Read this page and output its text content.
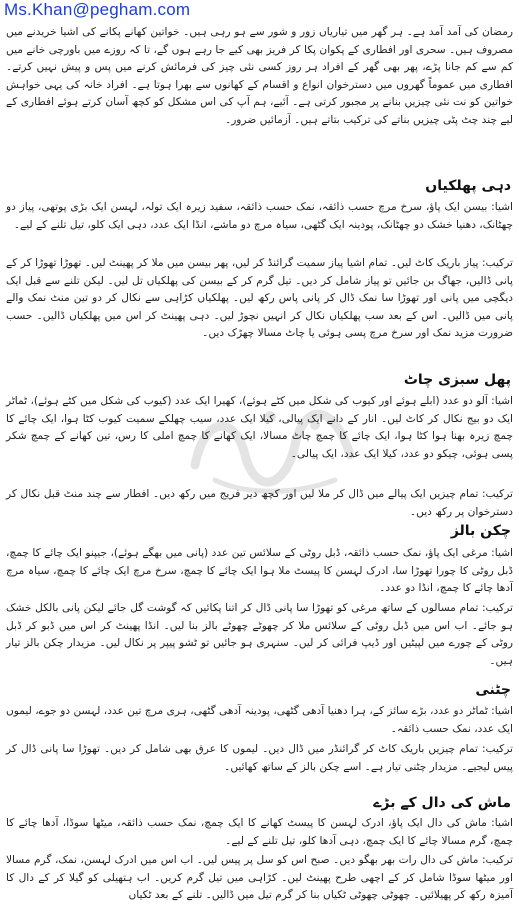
Ms.Khan@pegham.com

رمضان کی آمد آمد ہے۔ ہر گھر میں تیاریاں زور و شور سے ہو رہی ہیں۔ خواتین کھانے پکانے کی اشیا خریدنے میں مصروف ہیں۔ سحری اور افطاری کے پکوان پکا کر فریز بھی کیے جا رہے ہوں گے، تا کہ روزے میں باورچی خانے میں کم سے کم جانا پڑے، پھر بھی گھر کے افراد ہر روز کسی نئی چیز کی فرمائش کرنے میں پس و پیش نہیں کرتے۔ افطاری میں عموماً گھروں میں دسترخوان انواع و اقسام کے کھانوں سے بھرا ہوتا ہے۔ افراد خانہ کی یہی خواہش خواتین کو نت نئی چیزیں بنانے پر مجبور کرتی ہے۔ آئیے، ہم آپ کی اس مشکل کو کچھ آسان کرتے ہوئے افطاری کے لیے چند چٹ پٹی چیزیں بناتے کی ترکیب بتاتے ہیں۔ آزمائیں ضرور۔

دہی پھلکیاں

اشیا: بیسن ایک پاؤ، سرخ مرچ حسب ذائقہ، نمک حسب ذائقہ، سفید زیرہ ایک تولہ، لہسن ایک بڑی پوتھی، پیاز دو چھٹانک، دھنیا خشک دو چھٹانک، پودینہ ایک گٹھی، سیاہ مرچ دو ماشے، انڈا ایک عدد، دہی ایک کلو، تیل تلنے کے لیے۔

ترکیب: پیاز باریک کاٹ لیں۔ تمام اشیا پیاز سمیت گرائنڈ کر لیں، پھر بیسن میں ملا کر پھینٹ لیں۔ تھوڑا تھوڑا کر کے پانی ڈالیں، جھاگ بن جائیں تو پیاز شامل کر دیں۔ تیل گرم کر کے بیسن کی پھلکیاں تل لیں۔ لیکن تلنے سے قبل ایک دیگچی میں پانی اور تھوڑا سا نمک ڈال کر پانی پاس رکھ لیں۔ پھلکیاں کڑاہی سے نکال کر دو تین منٹ نمک والے پانی میں ڈالیں۔ اس کے بعد سب پھلکیاں نکال کر انہیں نچوڑ لیں۔ دہی پھینٹ کر اس میں پھلکیاں ڈالیں۔ حسب ضرورت مزید نمک اور سرخ مرچ پسی ہوئی یا چاٹ مسالا چھڑک دیں۔

پھل سبزی چاٹ

اشیا: آلو دو عدد (ابلے ہوئے اور کیوب کی شکل میں کٹے ہوئے)، کھیرا ایک عدد (کیوب کی شکل میں کٹے ہوئے)، ٹماٹر ایک دو بیج نکال کر کاٹ لیں۔ انار کے دانے ایک پیالی، کیلا ایک عدد، سیب چھلکے سمیت کیوب کٹا ہوا، ایک چائے کا چمچ زیرہ بھنا ہوا کٹا ہوا، ایک چائے کا چمچ چاٹ مسالا، ایک کھانے کا چمچ املی کا رس، تین کھانے کے چمچ شکر پسی ہوئی، چیکو دو عدد، کیلا ایک عدد، ایک پیالی۔

ترکیب: تمام چیزیں ایک پیالے میں ڈال کر ملا لیں اور کچھ دیر فریج میں رکھ دیں۔ افطار سے چند منٹ قبل نکال کر دسترخوان پر رکھ دیں۔

چکن بالز

اشیا: مرغی ایک پاؤ، نمک حسب ذائقہ، ڈبل روٹی کے سلائس تین عدد (پانی میں بھگے ہوئے)، جیپنو ایک چائے کا چمچ، ڈبل روٹی کا چورا تھوڑا سا، ادرک لہسن کا پیسٹ ملا ہوا ایک چائے کا چمچ، سرخ مرچ ایک چائے کا چمچ، سیاہ مرچ آدھا چائے کا چمچ، انڈا دو عدد۔

ترکیب: تمام مسالوں کے ساتھ مرغی کو تھوڑا سا پانی ڈال کر اتنا پکائیں کہ گوشت گل جائے لیکن پانی بالکل خشک ہو جائے۔ اب اس میں ڈبل روٹی کے سلائس ملا کر چھوٹے چھوٹے بالز بنا لیں۔ انڈا پھینٹ کر اس میں ڈبو کر ڈبل روٹی کے چورے میں لپیٹیں اور ڈیپ فرائی کر لیں۔ سنہری ہو جائیں تو ٹشو پیپر پر نکال لیں۔ مزیدار چکن بالز تیار ہیں۔

چٹنی

اشیا: ٹماٹر دو عدد، بڑے سائز کے، ہرا دھنیا آدھی گٹھی، پودینہ آدھی گٹھی، ہری مرچ تین عدد، لہسن دو جوے، لیموں ایک عدد، نمک حسب ذائقہ۔

ترکیب: تمام چیزیں باریک کاٹ کر گرائنڈر میں ڈال دیں۔ لیموں کا عرق بھی شامل کر دیں۔ تھوڑا سا پانی ڈال کر پیس لیجیے۔ مزیدار چٹنی تیار ہے۔ اسے چکن بالز کے ساتھ کھائیں۔

ماش کی دال کے بڑے

اشیا: ماش کی دال ایک پاؤ، ادرک لہسن کا پیسٹ کھانے کا ایک چمچ، نمک حسب ذائقہ، میٹھا سوڈا، آدھا چائے کا چمچ، گرم مسالا چائے کا ایک چمچ، دہی آدھا کلو، تیل تلنے کے لیے۔

ترکیب: ماش کی دال رات بھر بھگو دیں۔ صبح اس کو سل پر پیس لیں۔ اب اس میں ادرک لہسن، نمک، گرم مسالا اور میٹھا سوڈا شامل کر کے اچھی طرح پھینٹ لیں۔ کڑاہی میں تیل گرم کریں۔ اب ہتھیلی کو گیلا کر کے دال کا آمیزہ رکھ کر پھیلائیں۔ چھوٹی چھوٹی ٹکیاں بنا کر گرم تیل میں ڈالیں۔ تلنے کے بعد ٹکیاں
